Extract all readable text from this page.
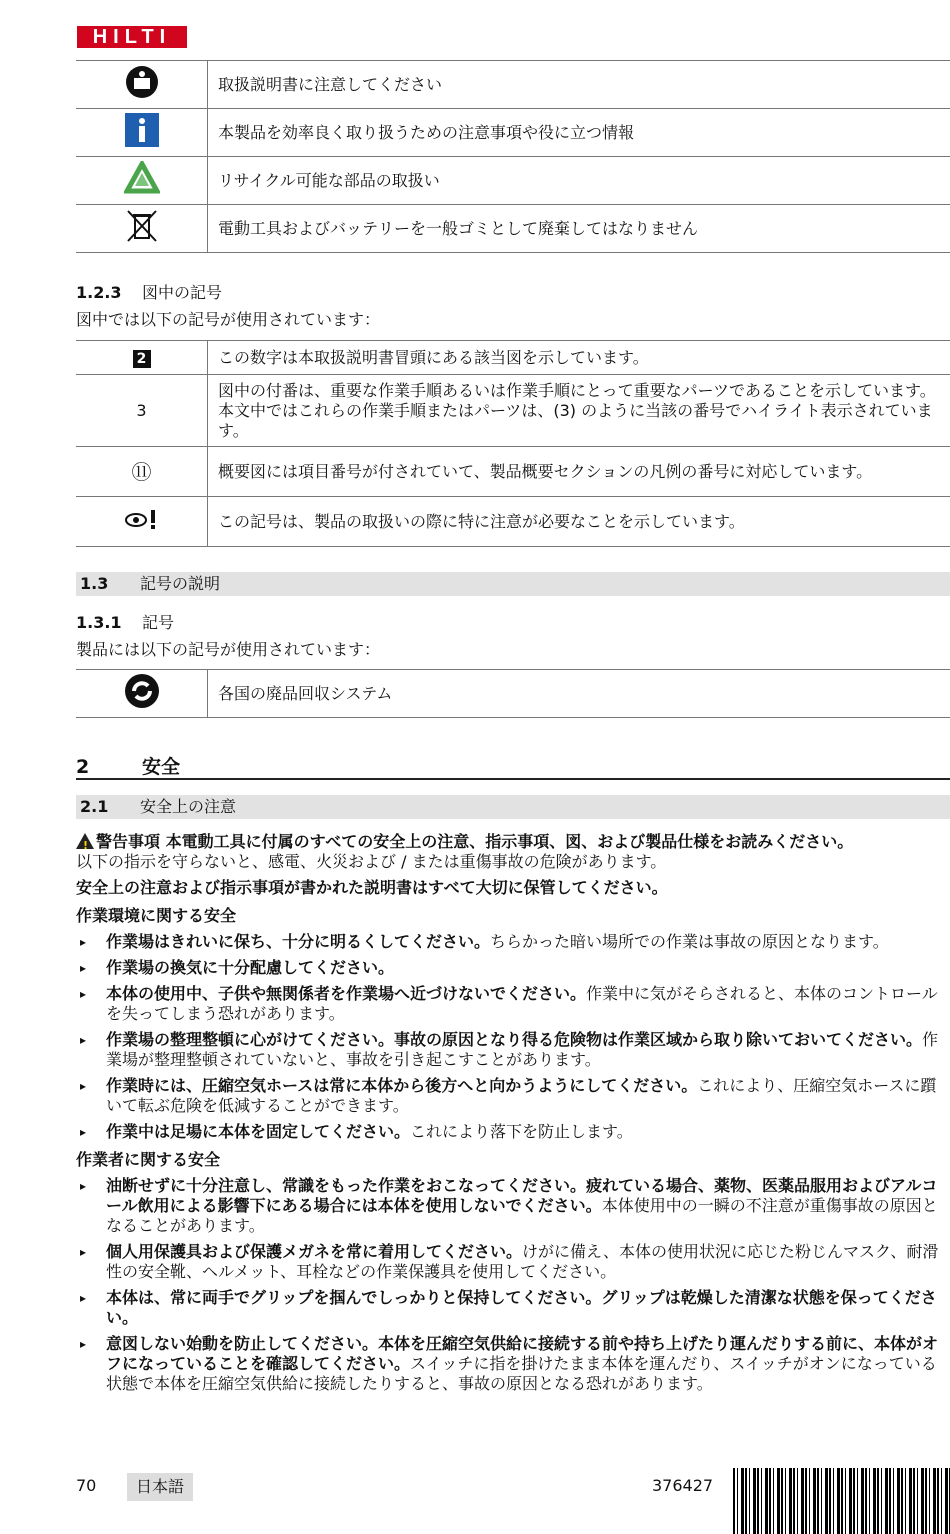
HILTI
	取扱説明書に注意してください
	本製品を効率良く取り扱うための注意事項や役に立つ情報
	リサイクル可能な部品の取扱い
	電動工具およびバッテリーを一般ゴミとして廃棄してはなりません
1.2.3 図中の記号
図中では以下の記号が使用されています：
2	この数字は本取扱説明書冒頭にある該当図を示しています。
3	図中の付番は、重要な作業手順あるいは作業手順にとって重要なパーツであることを示しています。本文中ではこれらの作業手順またはパーツは、(3) のように当該の番号でハイライト表示されています。
⑪	概要図には項目番号が付されていて、製品概要セクションの凡例の番号に対応しています。
	この記号は、製品の取扱いの際に特に注意が必要なことを示しています。
1.3 記号の説明
1.3.1 記号
製品には以下の記号が使用されています：
	各国の廃品回収システム
2	安全
2.1 安全上の注意
!警告事項 本電動工具に付属のすべての安全上の注意、指示事項、図、および製品仕様をお読みください。
以下の指示を守らないと、感電、火災および / または重傷事故の危険があります。
安全上の注意および指示事項が書かれた説明書はすべて大切に保管してください。
作業環境に関する安全
▸ 作業場はきれいに保ち、十分に明るくしてください。ちらかった暗い場所での作業は事故の原因となります。
▸ 作業場の換気に十分配慮してください。
▸ 本体の使用中、子供や無関係者を作業場へ近づけないでください。作業中に気がそらされると、本体のコントロールを失ってしまう恐れがあります。
▸ 作業場の整理整頓に心がけてください。事故の原因となり得る危険物は作業区域から取り除いておいてください。作業場が整理整頓されていないと、事故を引き起こすことがあります。
▸ 作業時には、圧縮空気ホースは常に本体から後方へと向かうようにしてください。これにより、圧縮空気ホースに躓いて転ぶ危険を低減することができます。
▸ 作業中は足場に本体を固定してください。これにより落下を防止します。
作業者に関する安全
▸ 油断せずに十分注意し、常識をもった作業をおこなってください。疲れている場合、薬物、医薬品服用およびアルコール飲用による影響下にある場合には本体を使用しないでください。本体使用中の一瞬の不注意が重傷事故の原因となることがあります。
▸ 個人用保護具および保護メガネを常に着用してください。けがに備え、本体の使用状況に応じた粉じんマスク、耐滑性の安全靴、ヘルメット、耳栓などの作業保護具を使用してください。
▸ 本体は、常に両手でグリップを掴んでしっかりと保持してください。グリップは乾燥した清潔な状態を保ってください。
▸ 意図しない始動を防止してください。本体を圧縮空気供給に接続する前や持ち上げたり運んだりする前に、本体がオフになっていることを確認してください。スイッチに指を掛けたまま本体を運んだり、スイッチがオンになっている状態で本体を圧縮空気供給に接続したりすると、事故の原因となる恐れがあります。
70	日本語	376427
